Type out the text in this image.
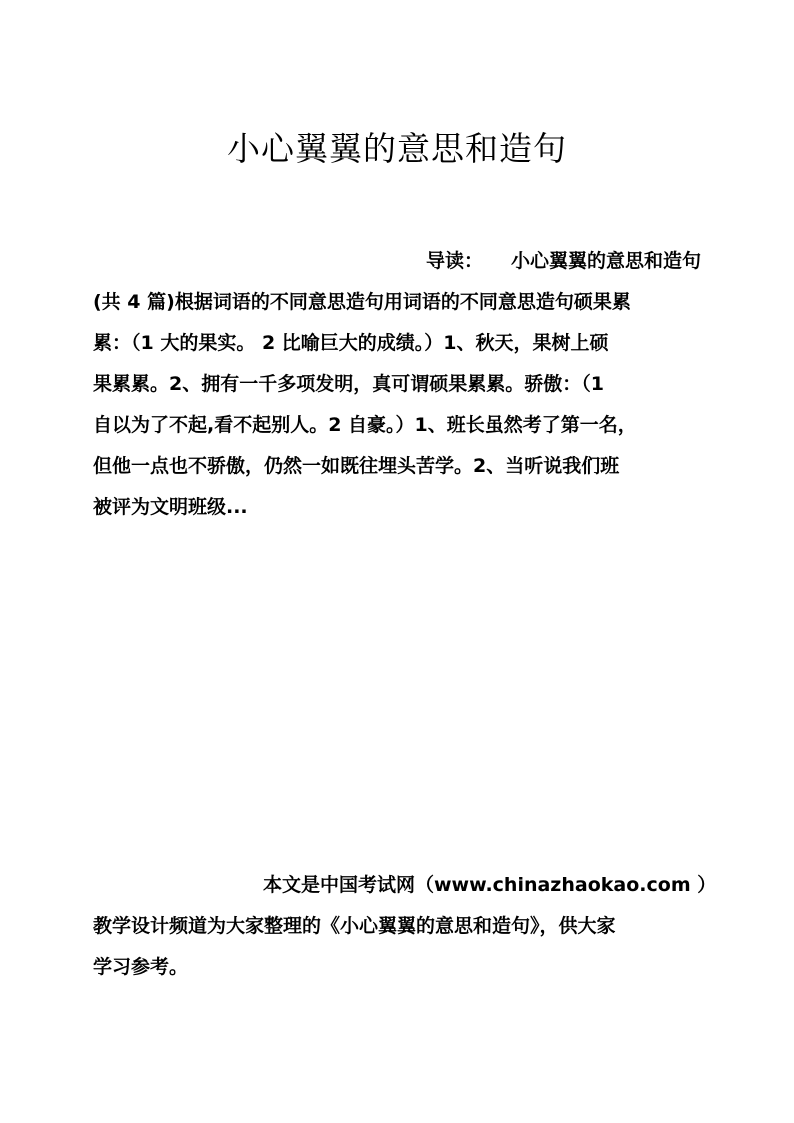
小心翼翼的意思和造句
导读： 小心翼翼的意思和造句
(共 4 篇)根据词语的不同意思造句用词语的不同意思造句硕果累
累：（1 大的果实。 2 比喻巨大的成绩。）1、秋天，果树上硕
果累累。2、拥有一千多项发明，真可谓硕果累累。骄傲：（1
自以为了不起,看不起别人。2 自豪。）1、班长虽然考了第一名，
但他一点也不骄傲，仍然一如既往埋头苦学。2、当听说我们班
被评为文明班级...
本文是中国考试网（www.chinazhaokao.com ）
教学设计频道为大家整理的《小心翼翼的意思和造句》，供大家
学习参考。
